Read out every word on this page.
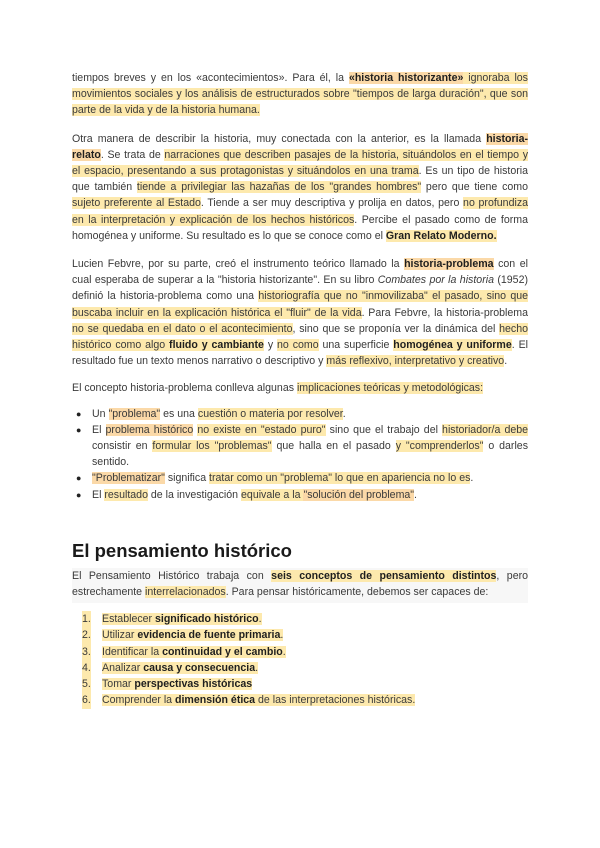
tiempos breves y en los «acontecimientos». Para él, la «historia historizante» ignoraba los movimientos sociales y los análisis de estructurados sobre "tiempos de larga duración", que son parte de la vida y de la historia humana.

Otra manera de describir la historia, muy conectada con la anterior, es la llamada historia-relato. Se trata de narraciones que describen pasajes de la historia, situándolos en el tiempo y el espacio, presentando a sus protagonistas y situándolos en una trama. Es un tipo de historia que también tiende a privilegiar las hazañas de los "grandes hombres" pero que tiene como sujeto preferente al Estado. Tiende a ser muy descriptiva y prolija en datos, pero no profundiza en la interpretación y explicación de los hechos históricos. Percibe el pasado como de forma homogénea y uniforme. Su resultado es lo que se conoce como el Gran Relato Moderno.

Lucien Febvre, por su parte, creó el instrumento teórico llamado la historia-problema con el cual esperaba de superar a la "historia historizante". En su libro Combates por la historia (1952) definió la historia-problema como una historiografía que no "inmovilizaba" el pasado, sino que buscaba incluir en la explicación histórica el "fluir" de la vida. Para Febvre, la historia-problema no se quedaba en el dato o el acontecimiento, sino que se proponía ver la dinámica del hecho histórico como algo fluido y cambiante y no como una superficie homogénea y uniforme. El resultado fue un texto menos narrativo o descriptivo y más reflexivo, interpretativo y creativo.

El concepto historia-problema conlleva algunas implicaciones teóricas y metodológicas:

● Un "problema" es una cuestión o materia por resolver.
● El problema histórico no existe en "estado puro" sino que el trabajo del historiador/a debe consistir en formular los "problemas" que halla en el pasado y "comprenderlos" o darles sentido.
● "Problematizar" significa tratar como un "problema" lo que en apariencia no lo es.
● El resultado de la investigación equivale a la "solución del problema".
El pensamiento histórico

El Pensamiento Histórico trabaja con seis conceptos de pensamiento distintos, pero estrechamente interrelacionados. Para pensar históricamente, debemos ser capaces de:

1. Establecer significado histórico.
2. Utilizar evidencia de fuente primaria.
3. Identificar la continuidad y el cambio.
4. Analizar causa y consecuencia.
5. Tomar perspectivas históricas
6. Comprender la dimensión ética de las interpretaciones históricas.
